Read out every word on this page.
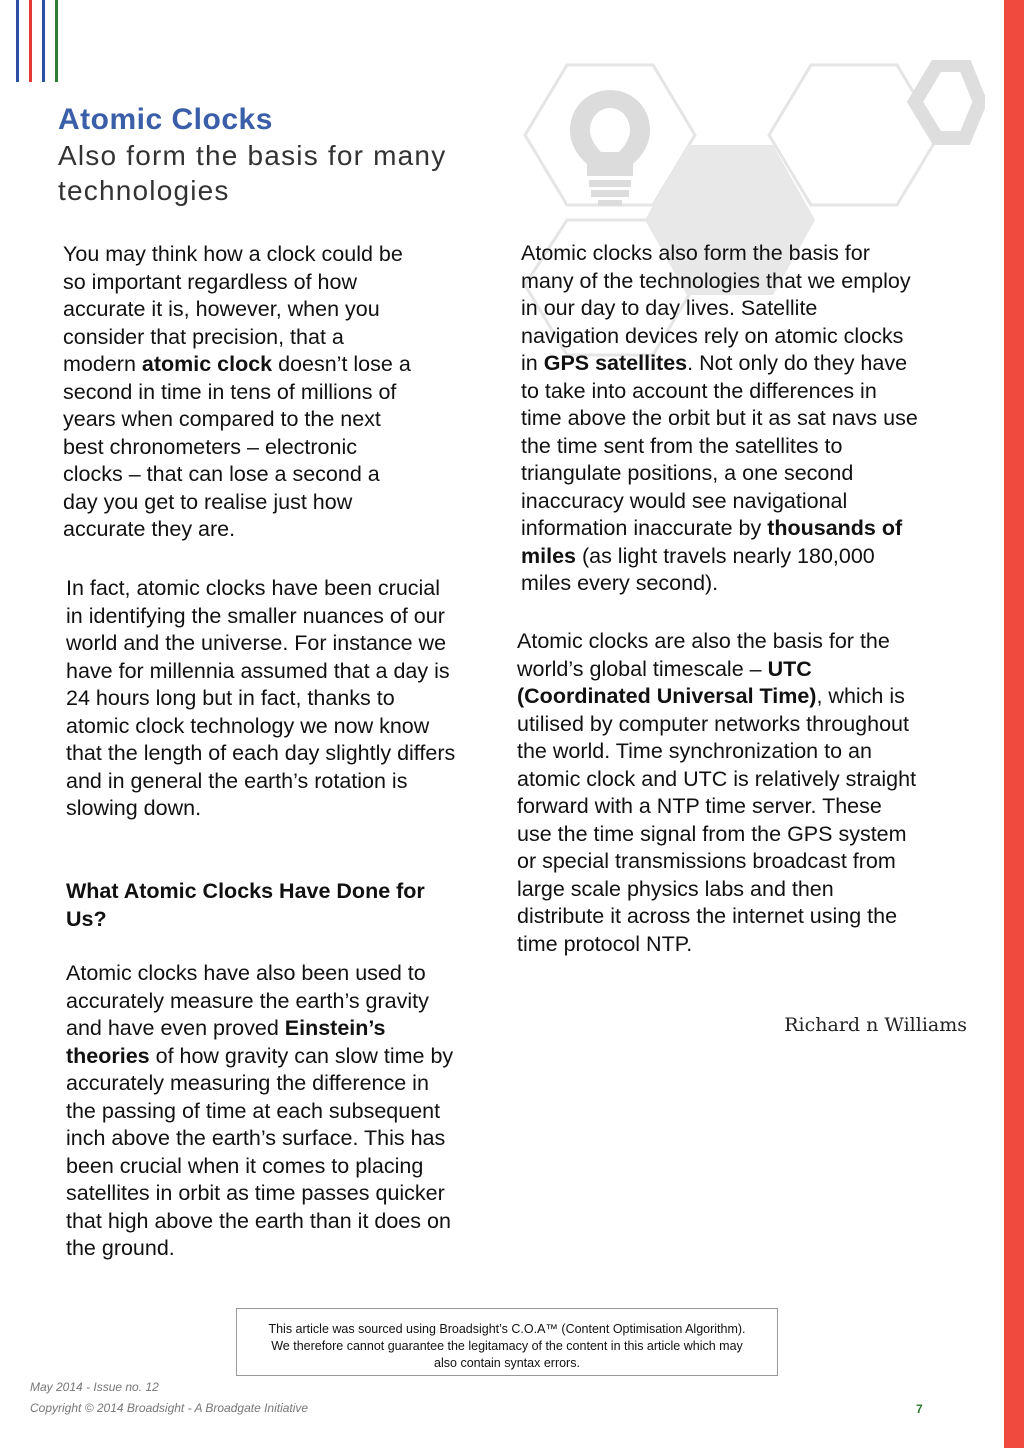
Atomic Clocks
Also form the basis for many technologies

You may think how a clock could be so important regardless of how accurate it is, however, when you consider that precision, that a modern atomic clock doesn’t lose a second in time in tens of millions of years when compared to the next best chronometers – electronic clocks – that can lose a second a day you get to realise just how accurate they are.

In fact, atomic clocks have been crucial in identifying the smaller nuances of our world and the universe. For instance we have for millennia assumed that a day is 24 hours long but in fact, thanks to atomic clock technology we now know that the length of each day slightly differs and in general the earth’s rotation is slowing down.

What Atomic Clocks Have Done for Us?

Atomic clocks have also been used to accurately measure the earth’s gravity and have even proved Einstein’s theories of how gravity can slow time by accurately measuring the difference in the passing of time at each subsequent inch above the earth’s surface. This has been crucial when it comes to placing satellites in orbit as time passes quicker that high above the earth than it does on the ground.

Atomic clocks also form the basis for many of the technologies that we employ in our day to day lives. Satellite navigation devices rely on atomic clocks in GPS satellites. Not only do they have to take into account the differences in time above the orbit but it as sat navs use the time sent from the satellites to triangulate positions, a one second inaccuracy would see navigational information inaccurate by thousands of miles (as light travels nearly 180,000 miles every second).

Atomic clocks are also the basis for the world’s global timescale – UTC (Coordinated Universal Time), which is utilised by computer networks throughout the world. Time synchronization to an atomic clock and UTC is relatively straight forward with a NTP time server. These use the time signal from the GPS system or special transmissions broadcast from large scale physics labs and then distribute it across the internet using the time protocol NTP.

Richard n Williams
This article was sourced using Broadsight’s C.O.A™ (Content Optimisation Algorithm).
We therefore cannot guarantee the legitamacy of the content in this article which may
also contain syntax errors.
May 2014 - Issue no. 12
Copyright © 2014 Broadsight - A Broadgate Initiative	7
